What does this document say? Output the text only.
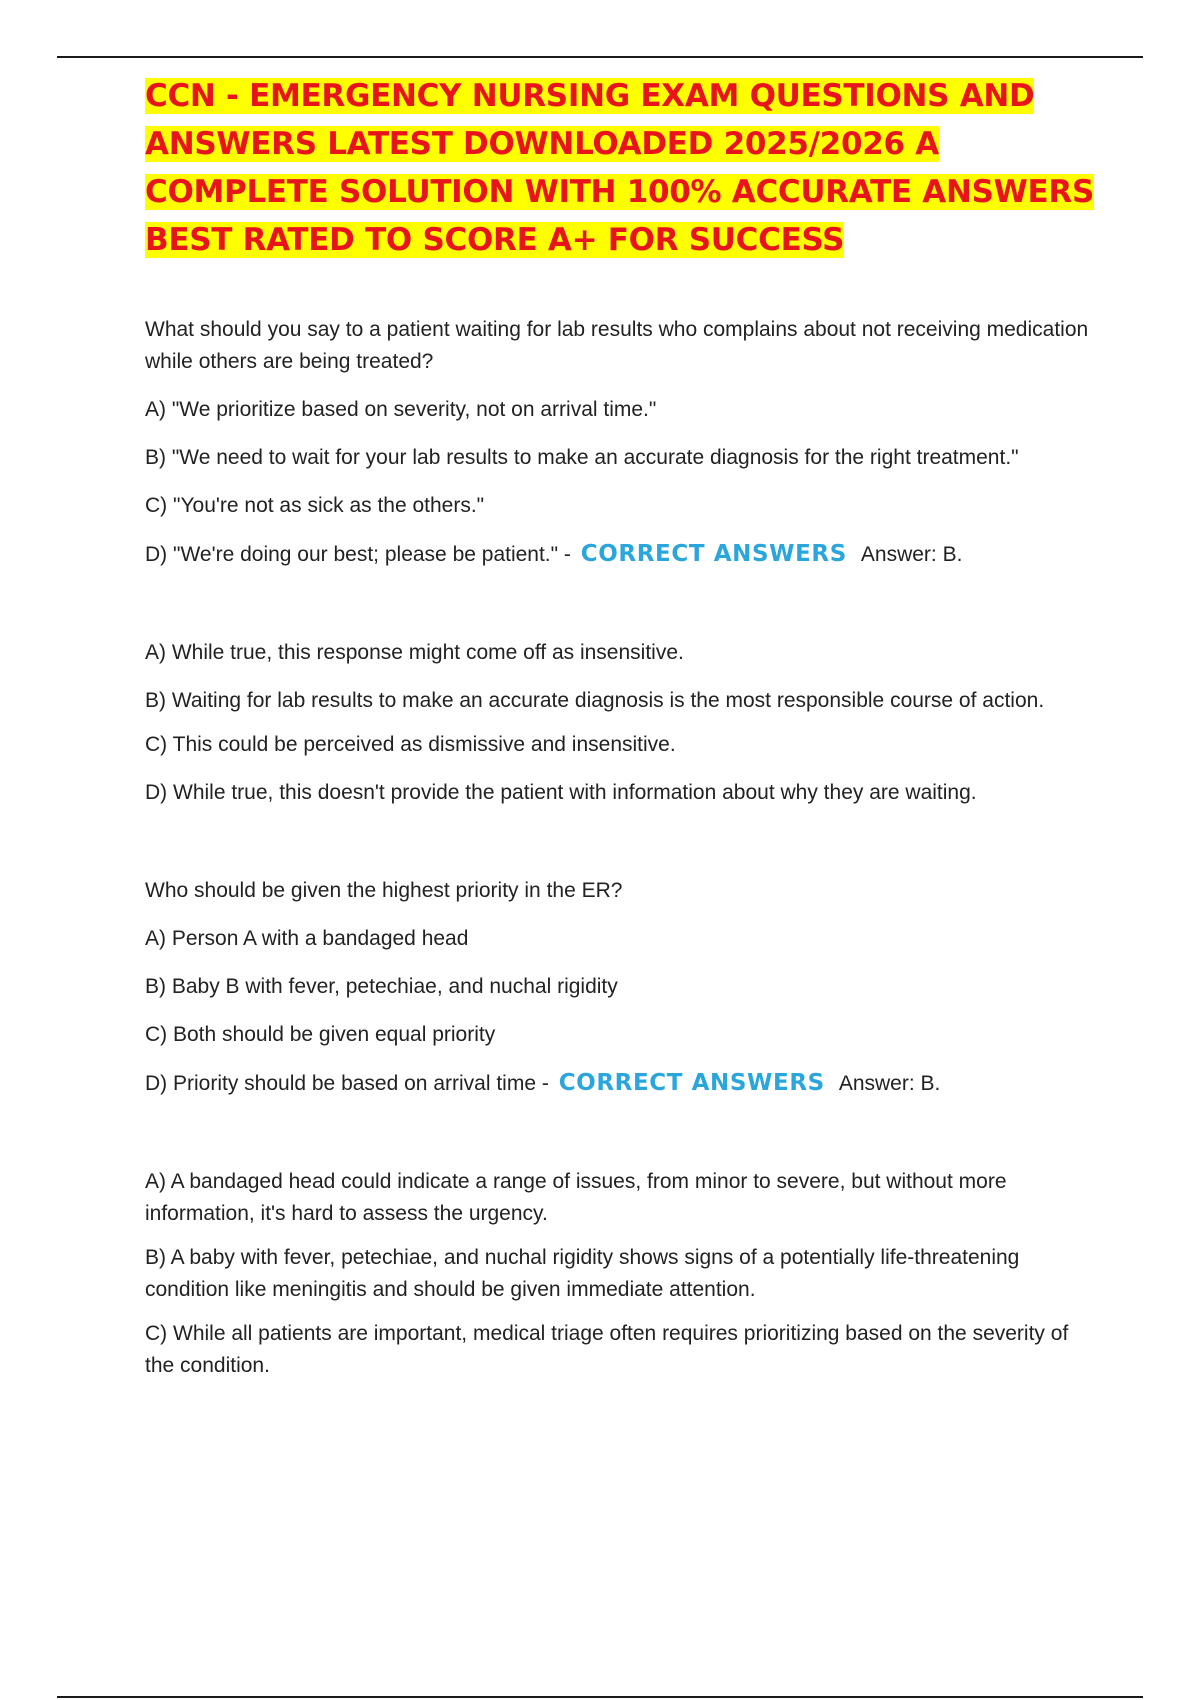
CCN - EMERGENCY NURSING EXAM QUESTIONS AND ANSWERS LATEST DOWNLOADED 2025/2026 A COMPLETE SOLUTION WITH 100% ACCURATE ANSWERS BEST RATED TO SCORE A+ FOR SUCCESS

What should you say to a patient waiting for lab results who complains about not receiving medication while others are being treated?

A) "We prioritize based on severity, not on arrival time."

B) "We need to wait for your lab results to make an accurate diagnosis for the right treatment."

C) "You're not as sick as the others."

D) "We're doing our best; please be patient." - CORRECT ANSWERS Answer: B.

A) While true, this response might come off as insensitive.

B) Waiting for lab results to make an accurate diagnosis is the most responsible course of action.

C) This could be perceived as dismissive and insensitive.

D) While true, this doesn't provide the patient with information about why they are waiting.

Who should be given the highest priority in the ER?

A) Person A with a bandaged head

B) Baby B with fever, petechiae, and nuchal rigidity

C) Both should be given equal priority

D) Priority should be based on arrival time - CORRECT ANSWERS Answer: B.

A) A bandaged head could indicate a range of issues, from minor to severe, but without more information, it's hard to assess the urgency.

B) A baby with fever, petechiae, and nuchal rigidity shows signs of a potentially life-threatening condition like meningitis and should be given immediate attention.

C) While all patients are important, medical triage often requires prioritizing based on the severity of the condition.
